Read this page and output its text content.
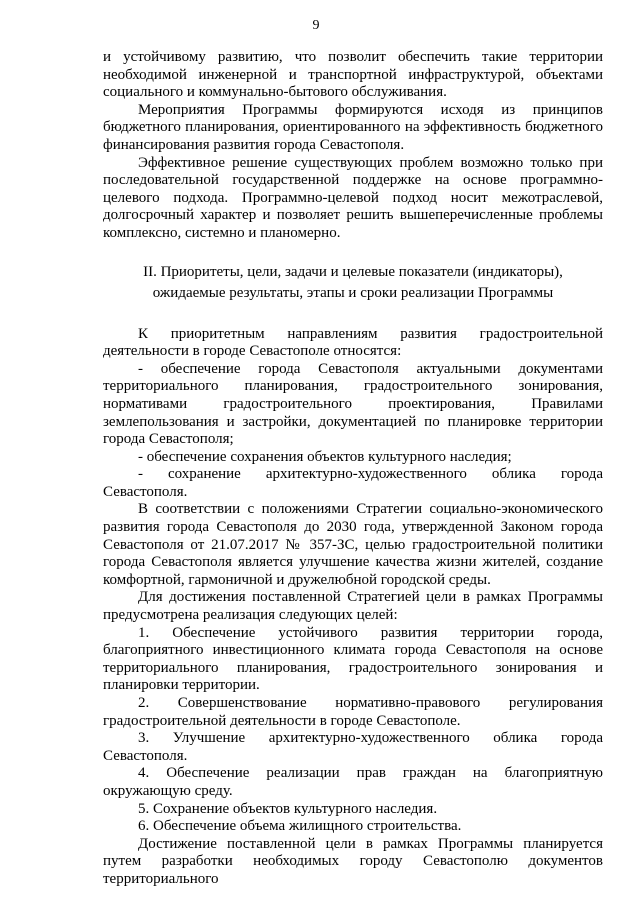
9

и устойчивому развитию, что позволит обеспечить такие территории необходимой инженерной и транспортной инфраструктурой, объектами социального и коммунально-бытового обслуживания.

Мероприятия Программы формируются исходя из принципов бюджетного планирования, ориентированного на эффективность бюджетного финансирования развития города Севастополя.

Эффективное решение существующих проблем возможно только при последовательной государственной поддержке на основе программно-целевого подхода. Программно-целевой подход носит межотраслевой, долгосрочный характер и позволяет решить вышеперечисленные проблемы комплексно, системно и планомерно.

II. Приоритеты, цели, задачи и целевые показатели (индикаторы),
ожидаемые результаты, этапы и сроки реализации Программы

К приоритетным направлениям развития градостроительной деятельности в городе Севастополе относятся:

- обеспечение города Севастополя актуальными документами территориального планирования, градостроительного зонирования, нормативами градостроительного проектирования, Правилами землепользования и застройки, документацией по планировке территории города Севастополя;

- обеспечение сохранения объектов культурного наследия;

- сохранение архитектурно-художественного облика города Севастополя.

В соответствии с положениями Стратегии социально-экономического развития города Севастополя до 2030 года, утвержденной Законом города Севастополя от 21.07.2017 № 357-ЗС, целью градостроительной политики города Севастополя является улучшение качества жизни жителей, создание комфортной, гармоничной и дружелюбной городской среды.

Для достижения поставленной Стратегией цели в рамках Программы предусмотрена реализация следующих целей:

1. Обеспечение устойчивого развития территории города, благоприятного инвестиционного климата города Севастополя на основе территориального планирования, градостроительного зонирования и планировки территории.

2. Совершенствование нормативно-правового регулирования градостроительной деятельности в городе Севастополе.

3. Улучшение архитектурно-художественного облика города Севастополя.

4. Обеспечение реализации прав граждан на благоприятную окружающую среду.

5. Сохранение объектов культурного наследия.

6. Обеспечение объема жилищного строительства.

Достижение поставленной цели в рамках Программы планируется путем разработки необходимых городу Севастополю документов территориального
